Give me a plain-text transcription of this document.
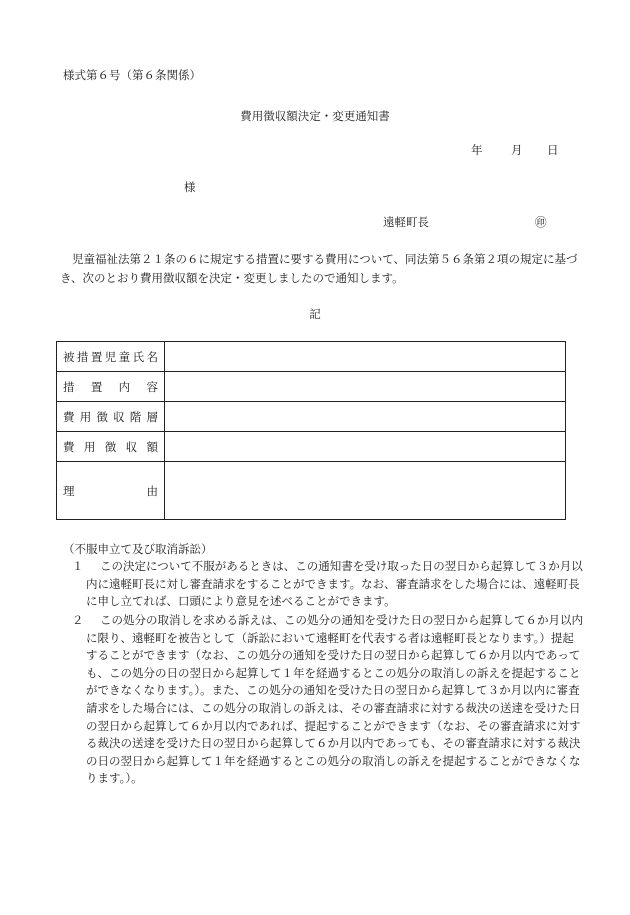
様式第６号（第６条関係）
費用徴収額決定・変更通知書
年 月 日
様
遠軽町長	㊞
児童福祉法第２１条の６に規定する措置に要する費用について、同法第５６条第２項の規定に基づき、次のとおり費用徴収額を決定・変更しましたので通知します。
記
被措置児童氏名	
措置内容	
費用徴収階層	
費用徴収額	
理由	
（不服申立て及び取消訴訟）
１	この決定について不服があるときは、この通知書を受け取った日の翌日から起算して３か月以内に遠軽町長に対し審査請求をすることができます。なお、審査請求をした場合には、遠軽町長に申し立てれば、口頭により意見を述べることができます。
２	この処分の取消しを求める訴えは、この処分の通知を受けた日の翌日から起算して６か月以内に限り、遠軽町を被告として（訴訟において遠軽町を代表する者は遠軽町長となります。）提起することができます（なお、この処分の通知を受けた日の翌日から起算して６か月以内であっても、この処分の日の翌日から起算して１年を経過するとこの処分の取消しの訴えを提起することができなくなります。）。また、この処分の通知を受けた日の翌日から起算して３か月以内に審査請求をした場合には、この処分の取消しの訴えは、その審査請求に対する裁決の送達を受けた日の翌日から起算して６か月以内であれば、提起することができます（なお、その審査請求に対する裁決の送達を受けた日の翌日から起算して６か月以内であっても、その審査請求に対する裁決の日の翌日から起算して１年を経過するとこの処分の取消しの訴えを提起することができなくなります。）。
